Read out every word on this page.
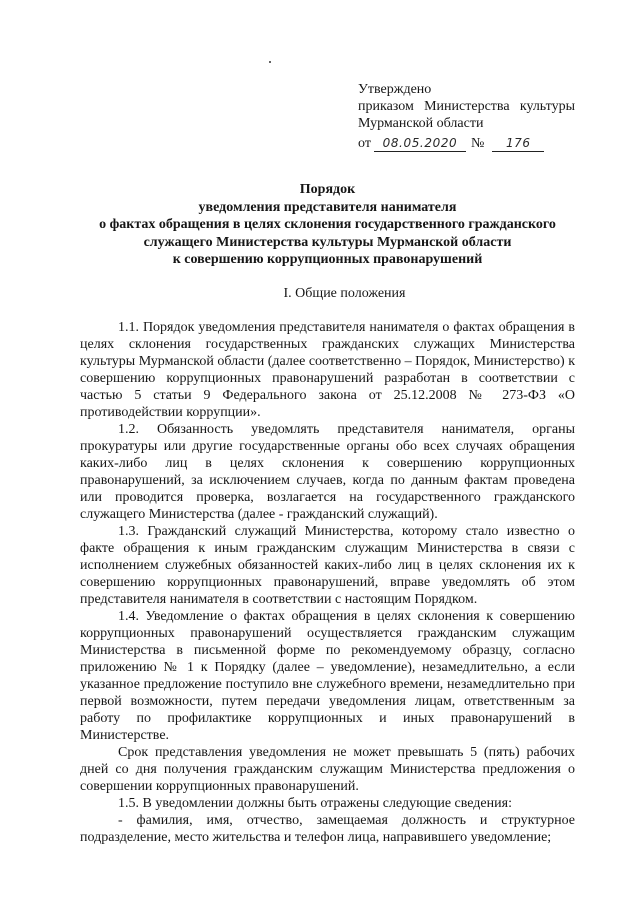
Утверждено
приказом Министерства культуры
Мурманской области
от 08.05.2020 № 176
Порядок
уведомления представителя нанимателя
о фактах обращения в целях склонения государственного гражданского
служащего Министерства культуры Мурманской области
к совершению коррупционных правонарушений
I. Общие положения

1.1. Порядок уведомления представителя нанимателя о фактах обращения в целях склонения государственных гражданских служащих Министерства культуры Мурманской области (далее соответственно – Порядок, Министерство) к совершению коррупционных правонарушений разработан в соответствии с частью 5 статьи 9 Федерального закона от 25.12.2008 № 273-ФЗ «О противодействии коррупции».

1.2. Обязанность уведомлять представителя нанимателя, органы прокуратуры или другие государственные органы обо всех случаях обращения каких-либо лиц в целях склонения к совершению коррупционных правонарушений, за исключением случаев, когда по данным фактам проведена или проводится проверка, возлагается на государственного гражданского служащего Министерства (далее - гражданский служащий).

1.3. Гражданский служащий Министерства, которому стало известно о факте обращения к иным гражданским служащим Министерства в связи с исполнением служебных обязанностей каких-либо лиц в целях склонения их к совершению коррупционных правонарушений, вправе уведомлять об этом представителя нанимателя в соответствии с настоящим Порядком.

1.4. Уведомление о фактах обращения в целях склонения к совершению коррупционных правонарушений осуществляется гражданским служащим Министерства в письменной форме по рекомендуемому образцу, согласно приложению № 1 к Порядку (далее – уведомление), незамедлительно, а если указанное предложение поступило вне служебного времени, незамедлительно при первой возможности, путем передачи уведомления лицам, ответственным за работу по профилактике коррупционных и иных правонарушений в Министерстве.

Срок представления уведомления не может превышать 5 (пять) рабочих дней со дня получения гражданским служащим Министерства предложения о совершении коррупционных правонарушений.

1.5. В уведомлении должны быть отражены следующие сведения:

- фамилия, имя, отчество, замещаемая должность и структурное подразделение, место жительства и телефон лица, направившего уведомление;
